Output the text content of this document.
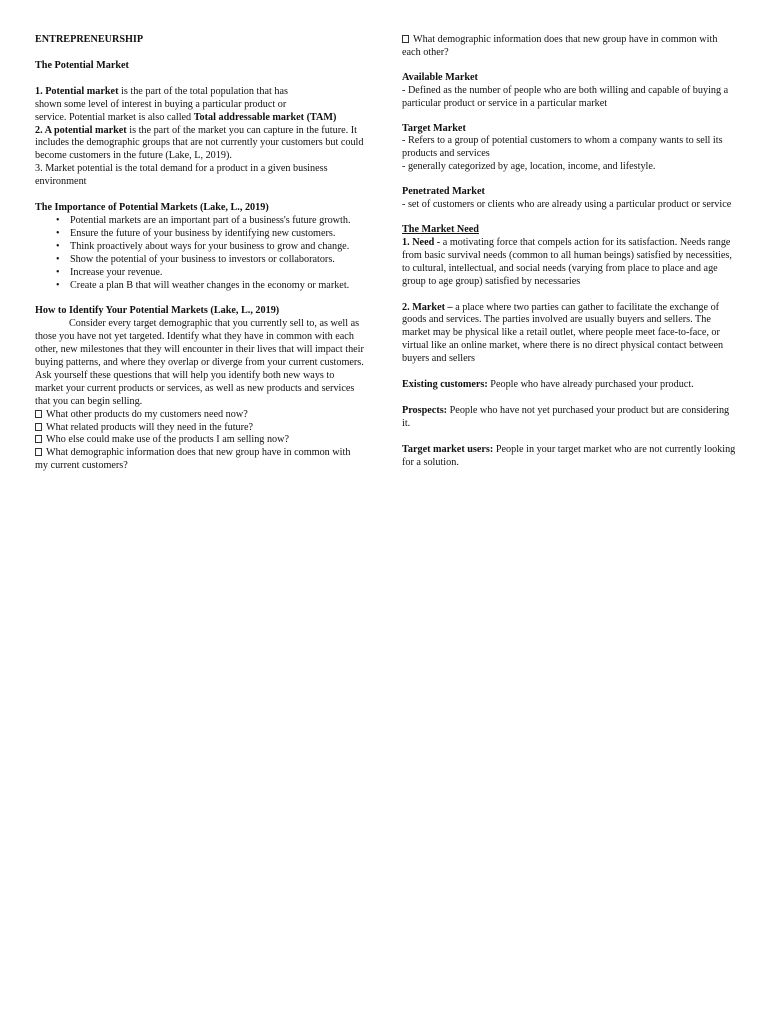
ENTREPRENEURSHIP

The Potential Market

1. Potential market is the part of the total population that has
shown some level of interest in buying a particular product or
service. Potential market is also called Total addressable market (TAM)

2. A potential market is the part of the market you can capture in the future. It includes the demographic groups that are not currently your customers but could become customers in the future (Lake, L, 2019).

3. Market potential is the total demand for a product in a given business environment

The Importance of Potential Markets (Lake, L., 2019)

• Potential markets are an important part of a business's future growth.
• Ensure the future of your business by identifying new customers.
• Think proactively about ways for your business to grow and change.
• Show the potential of your business to investors or collaborators.
• Increase your revenue.
• Create a plan B that will weather changes in the economy or market.

How to Identify Your Potential Markets (Lake, L., 2019)

Consider every target demographic that you currently sell to, as well as those you have not yet targeted. Identify what they have in common with each other, new milestones that they will encounter in their lives that will impact their buying patterns, and where they overlap or diverge from your current customers.

Ask yourself these questions that will help you identify both new ways to market your current products or services, as well as new products and services that you can begin selling.

What other products do my customers need now?

What related products will they need in the future?

Who else could make use of the products I am selling now?

What demographic information does that new group have in common with my current customers?

What demographic information does that new group have in common with each other?

Available Market

- Defined as the number of people who are both willing and capable of buying a particular product or service in a particular market

Target Market

- Refers to a group of potential customers to whom a company wants to sell its products and services

- generally categorized by age, location, income, and lifestyle.

Penetrated Market

- set of customers or clients who are already using a particular product or service

The Market Need

1. Need - a motivating force that compels action for its satisfaction. Needs range from basic survival needs (common to all human beings) satisfied by necessities, to cultural, intellectual, and social needs (varying from place to place and age group to age group) satisfied by necessaries

2. Market – a place where two parties can gather to facilitate the exchange of goods and services. The parties involved are usually buyers and sellers. The market may be physical like a retail outlet, where people meet face-to-face, or virtual like an online market, where there is no direct physical contact between buyers and sellers

Existing customers: People who have already purchased your product.

Prospects: People who have not yet purchased your product but are considering it.

Target market users: People in your target market who are not currently looking for a solution.
